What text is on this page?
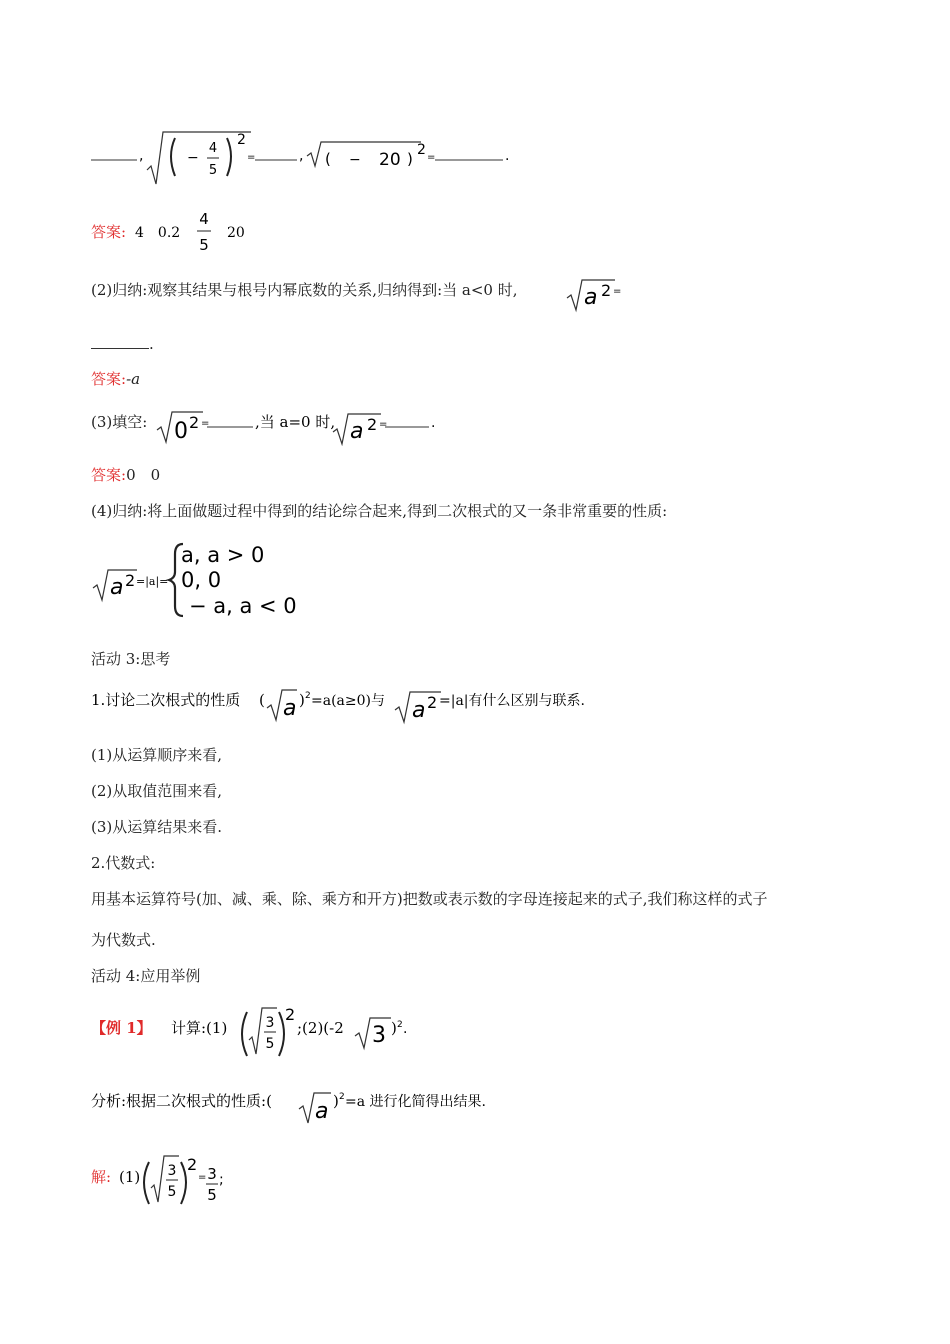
,	−
4
5
2
=	, ( − 20 ) 2 =	.
答案: 4　0.2
4
5
20
(2)归纳:观察其结果与根号内幂底数的关系,归纳得到:当 a<0 时,	a 2 =
.
答案:-a
(3)填空: 0 2 =	,当 a=0 时, a 2 =	.
答案:0　0
(4)归纳:将上面做题过程中得到的结论综合起来,得到二次根式的又一条非常重要的性质:
a 2 =|a|=
a, a > 0
0, 0
− a, a < 0
活动 3:思考
1.讨论二次根式的性质 ( a ) 2 =a(a≥0)与 a 2 =|a|有什么区别与联系.
(1)从运算顺序来看,
(2)从取值范围来看,
(3)从运算结果来看.
2.代数式:
用基本运算符号(加、减、乘、除、乘方和开方)把数或表示数的字母连接起来的式子,我们称这样的式子
为代数式.
活动 4:应用举例
【例 1】 计算:(1)	3
5
2
;(2)(-2 3 ) 2 .
分析:根据二次根式的性质:( a ) 2 =a 进行化简得出结果.
解: (1) 3
5
2
= 3
5
;
